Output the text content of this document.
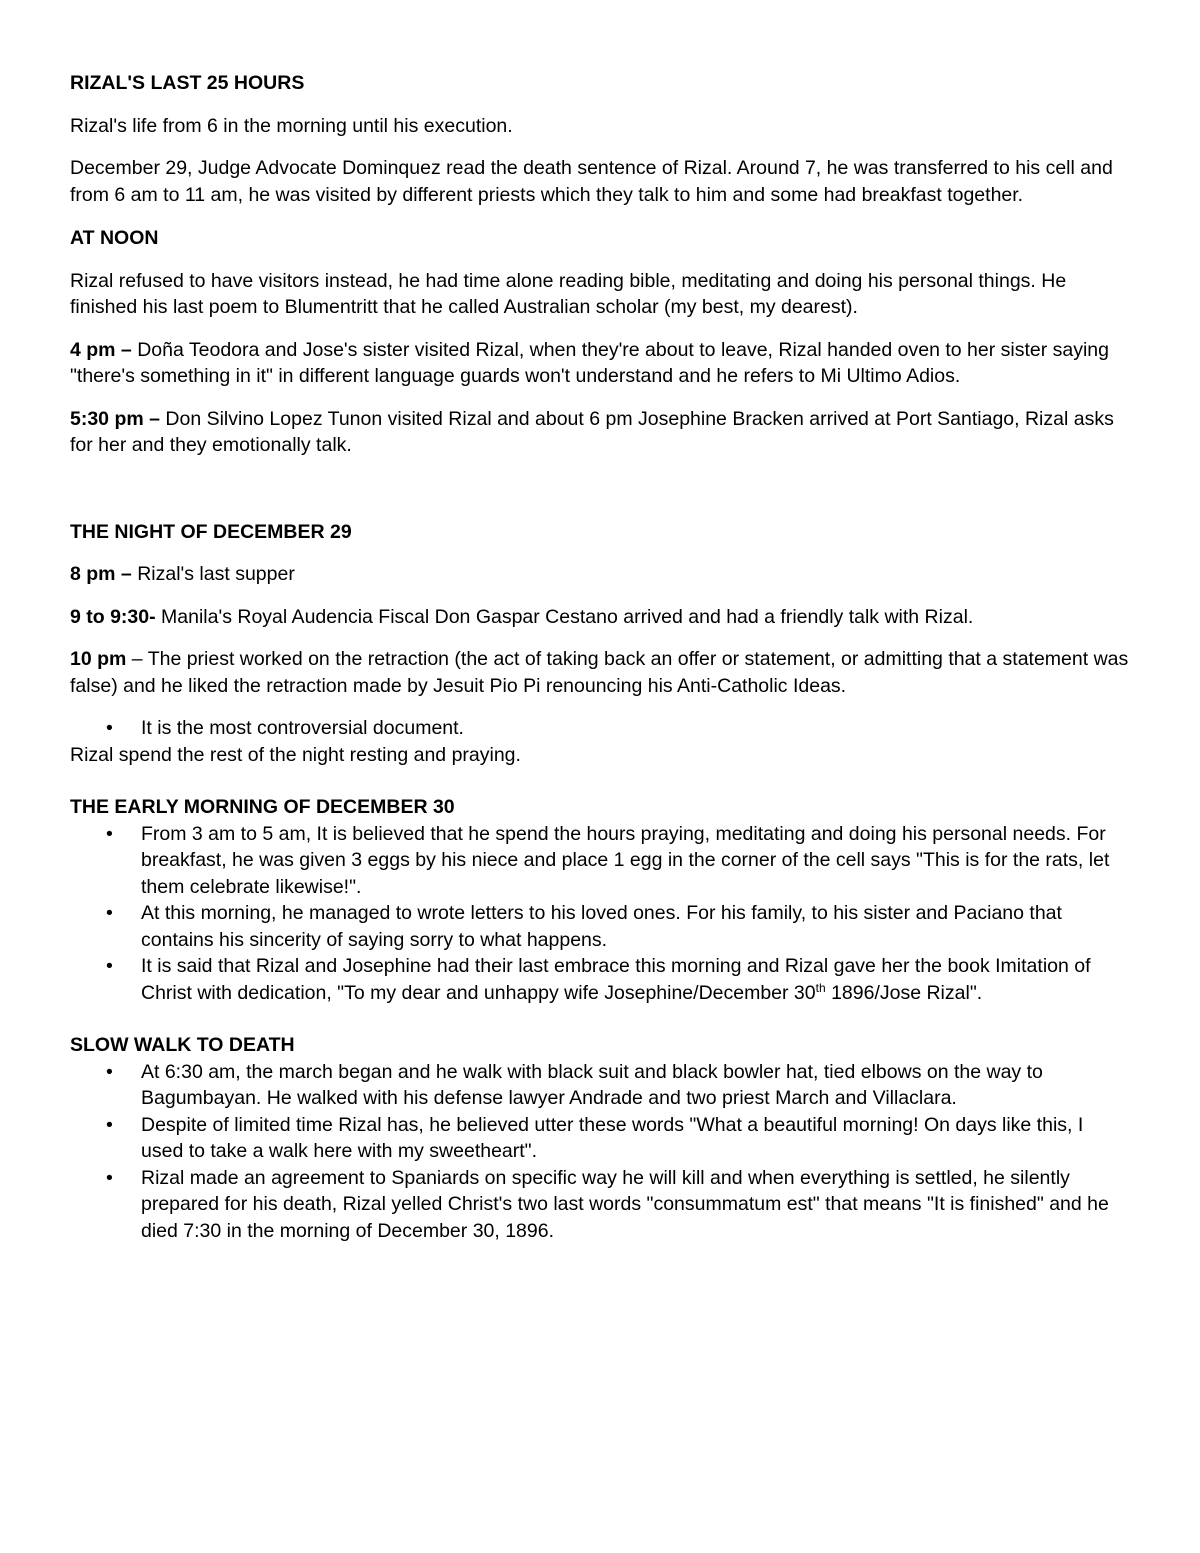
RIZAL'S LAST 25 HOURS

Rizal's life from 6 in the morning until his execution.

December 29, Judge Advocate Dominquez read the death sentence of Rizal. Around 7, he was transferred to his cell and from 6 am to 11 am, he was visited by different priests which they talk to him and some had breakfast together.

AT NOON

Rizal refused to have visitors instead, he had time alone reading bible, meditating and doing his personal things. He finished his last poem to Blumentritt that he called Australian scholar (my best, my dearest).

4 pm – Doña Teodora and Jose's sister visited Rizal, when they're about to leave, Rizal handed oven to her sister saying "there's something in it" in different language guards won't understand and he refers to Mi Ultimo Adios.

5:30 pm – Don Silvino Lopez Tunon visited Rizal and about 6 pm Josephine Bracken arrived at Port Santiago, Rizal asks for her and they emotionally talk.

THE NIGHT OF DECEMBER 29

8 pm – Rizal's last supper

9 to 9:30- Manila's Royal Audencia Fiscal Don Gaspar Cestano arrived and had a friendly talk with Rizal.

10 pm – The priest worked on the retraction (the act of taking back an offer or statement, or admitting that a statement was false) and he liked the retraction made by Jesuit Pio Pi renouncing his Anti-Catholic Ideas.

• It is the most controversial document.

Rizal spend the rest of the night resting and praying.

THE EARLY MORNING OF DECEMBER 30
• From 3 am to 5 am, It is believed that he spend the hours praying, meditating and doing his personal needs. For breakfast, he was given 3 eggs by his niece and place 1 egg in the corner of the cell says "This is for the rats, let them celebrate likewise!".
• At this morning, he managed to wrote letters to his loved ones. For his family, to his sister and Paciano that contains his sincerity of saying sorry to what happens.
• It is said that Rizal and Josephine had their last embrace this morning and Rizal gave her the book Imitation of Christ with dedication, "To my dear and unhappy wife Josephine/December 30th 1896/Jose Rizal".
SLOW WALK TO DEATH
• At 6:30 am, the march began and he walk with black suit and black bowler hat, tied elbows on the way to Bagumbayan. He walked with his defense lawyer Andrade and two priest March and Villaclara.
• Despite of limited time Rizal has, he believed utter these words "What a beautiful morning! On days like this, I used to take a walk here with my sweetheart".
• Rizal made an agreement to Spaniards on specific way he will kill and when everything is settled, he silently prepared for his death, Rizal yelled Christ's two last words "consummatum est" that means "It is finished" and he died 7:30 in the morning of December 30, 1896.
